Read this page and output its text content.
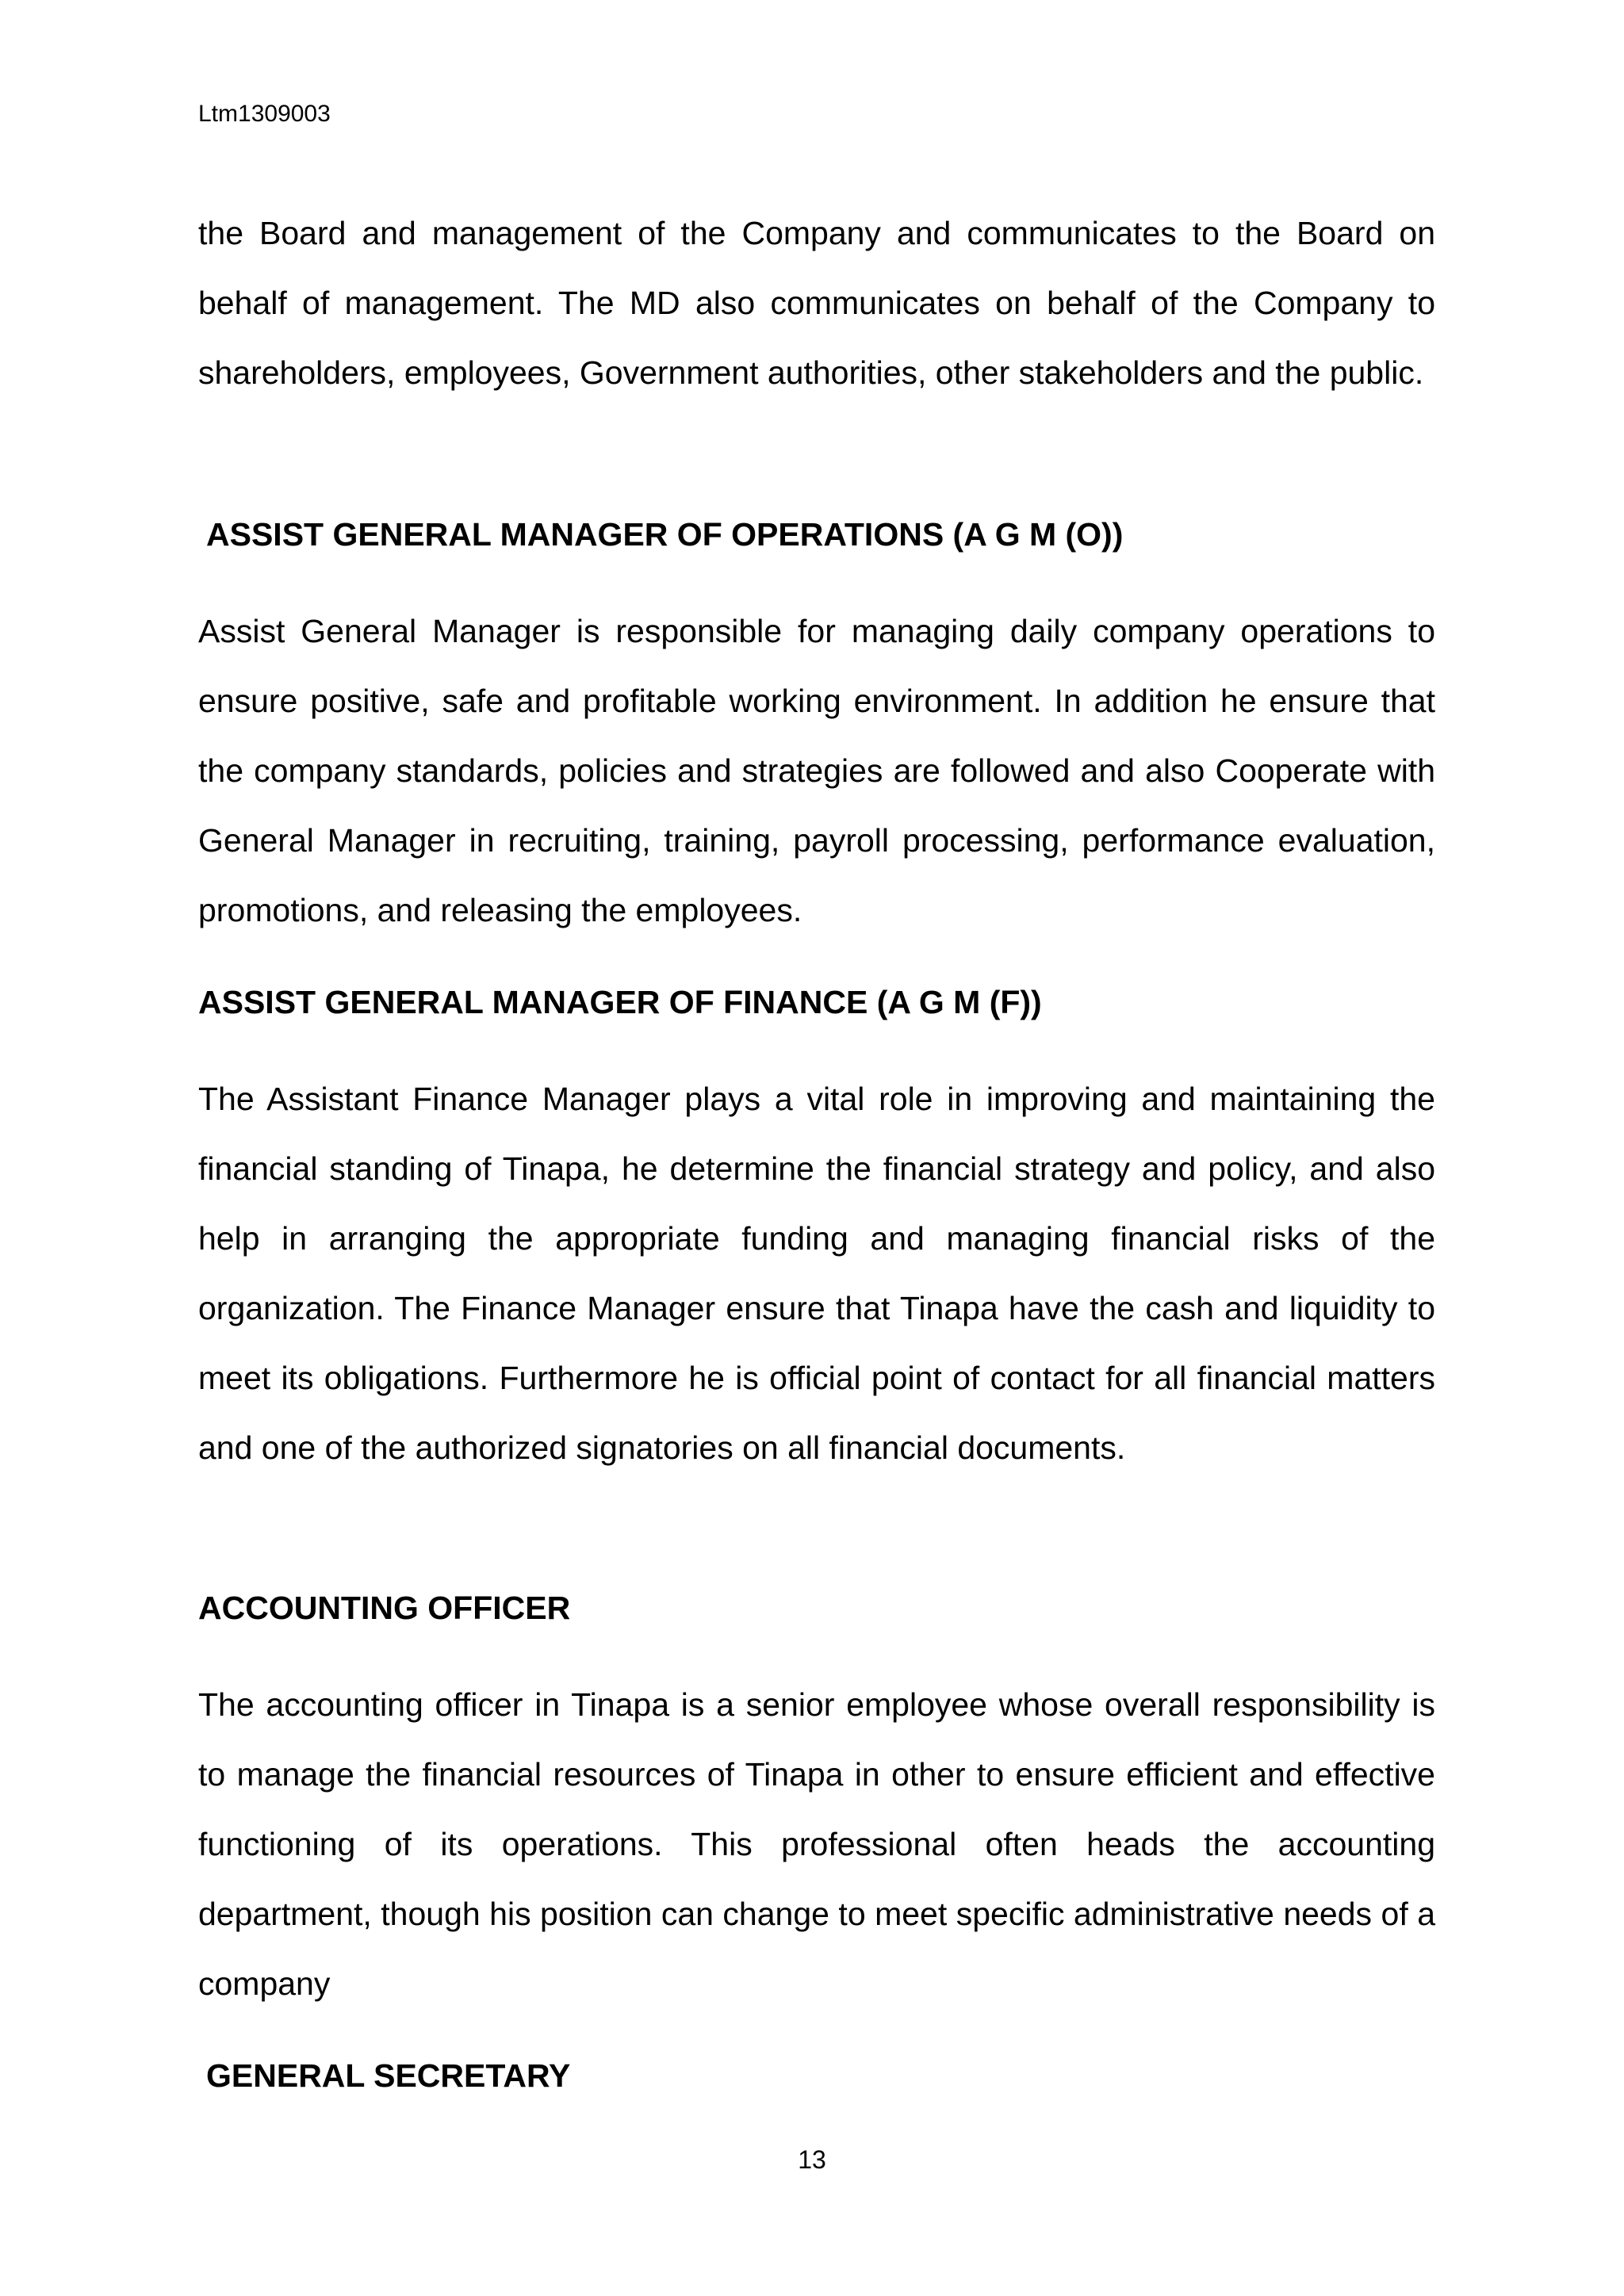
Ltm1309003

the Board and management of the Company and communicates to the Board on behalf of management. The MD also communicates on behalf of the Company to shareholders, employees, Government authorities, other stakeholders and the public.

ASSIST GENERAL MANAGER OF OPERATIONS (A G M (O))

Assist General Manager is responsible for managing daily company operations to ensure positive, safe and profitable working environment. In addition he ensure that the company standards, policies and strategies are followed and also Cooperate with General Manager in recruiting, training, payroll processing, performance evaluation, promotions, and releasing the employees.

ASSIST GENERAL MANAGER OF FINANCE (A G M (F))

The Assistant Finance Manager plays a vital role in improving and maintaining the financial standing of Tinapa, he determine the financial strategy and policy, and also help in arranging the appropriate funding and managing financial risks of the organization. The Finance Manager ensure that Tinapa have the cash and liquidity to meet its obligations. Furthermore he is official point of contact for all financial matters and one of the authorized signatories on all financial documents.

ACCOUNTING OFFICER

The accounting officer in Tinapa is a senior employee whose overall responsibility is to manage the financial resources of Tinapa in other to ensure efficient and effective functioning of its operations. This professional often heads the accounting department, though his position can change to meet specific administrative needs of a company

GENERAL SECRETARY
13
